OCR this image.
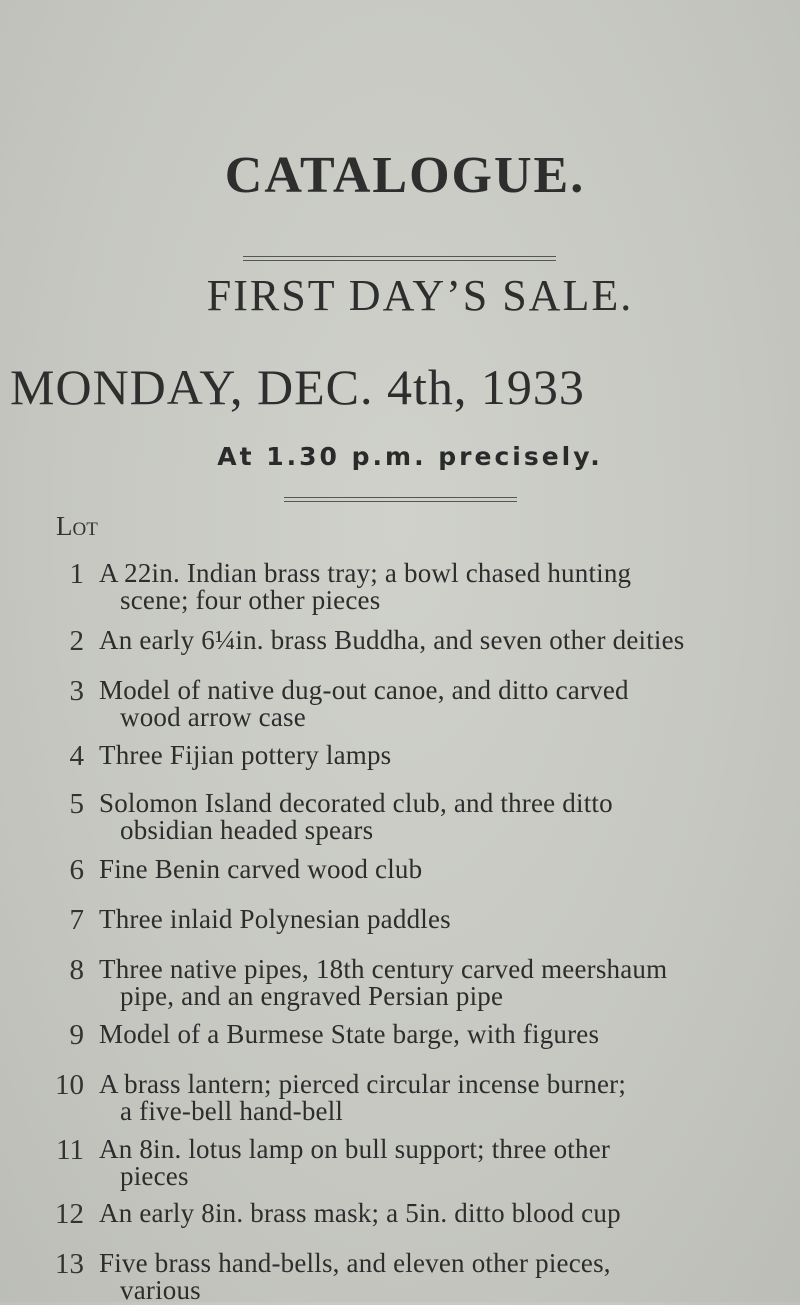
CATALOGUE.
FIRST DAY’S SALE.
MONDAY, DEC. 4th, 1933
At 1.30 p.m. precisely.
Lot
1 A 22in. Indian brass tray; a bowl chased hunting
scene; four other pieces
2 An early 6¼in. brass Buddha, and seven other deities
3 Model of native dug-out canoe, and ditto carved
wood arrow case
4 Three Fijian pottery lamps
5 Solomon Island decorated club, and three ditto
obsidian headed spears
6 Fine Benin carved wood club
7 Three inlaid Polynesian paddles
8 Three native pipes, 18th century carved meershaum
pipe, and an engraved Persian pipe
9 Model of a Burmese State barge, with figures
10 A brass lantern; pierced circular incense burner;
a five-bell hand-bell
11 An 8in. lotus lamp on bull support; three other
pieces
12 An early 8in. brass mask; a 5in. ditto blood cup
13 Five brass hand-bells, and eleven other pieces,
various
